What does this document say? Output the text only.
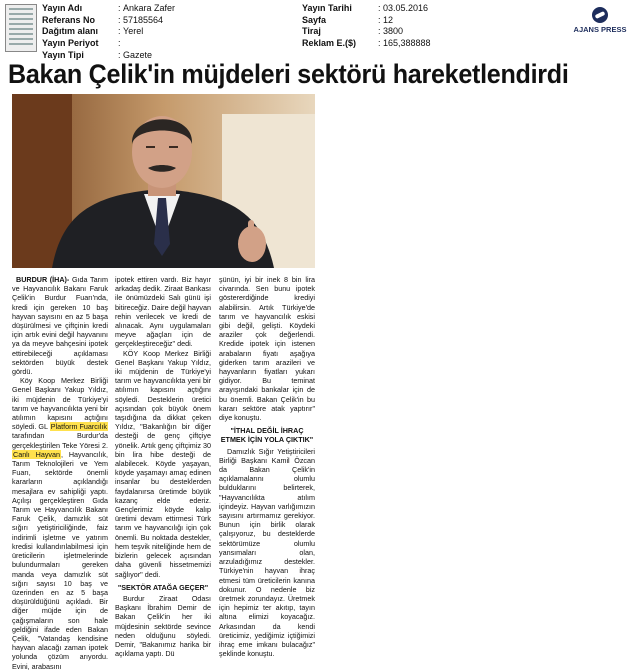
Yayın Adı	: Ankara Zafer
Referans No	: 57185564
Dağıtım alanı	: Yerel
Yayın Periyot	:
Yayın Tipi	: Gazete
Yayın Tarihi	: 03.05.2016
Sayfa	: 12
Tiraj	: 3800
Reklam E.($)	: 165,388888
AJANS PRESS
Bakan Çelik'in müjdeleri sektörü hareketlendirdi

BURDUR (İHA)- Gıda Tarım ve Hayvancılık Bakanı Faruk Çelik'in Burdur Fuarı'nda, kredi için gereken 10 baş hayvan sayısını en az 5 başa düşürülmesi ve çiftçinin kredi için artık evini değil hayvanını ya da meyve bahçesini ipotek ettirebileceği açıklaması sektörden büyük destek gördü.

Köy Koop Merkez Birliği Genel Başkanı Yakup Yıldız, iki müjdenin de Türkiye'yi tarım ve hayvancılıkta yeni bir atılımın kapısını açtığını söyledi. GL Platform Fuarcılık tarafından Burdur'da gerçekleştirilen Teke Yöresi 2. Canlı Hayvan, Hayvancılık, Tarım Teknolojileri ve Yem Fuarı, sektörde önemli kararların açıklandığı mesajlara ev sahipliği yaptı. Açılışı gerçekleştiren Gıda Tarım ve Hayvancılık Bakanı Faruk Çelik, damızlık süt sığırı yetiştiriciliğinde, faiz indirimli işletme ve yatırım kredisi kullandırılabilmesi için üreticilerin işletmelerinde bulundurmaları gereken manda veya damızlık süt sığırı sayısı 10 baş ve üzerinden en az 5 başa düşürüldüğünü açıkladı. Bir diğer müjde için de çağışmaların son hale geldiğini ifade eden Bakan Çelik, "Vatandaş kendisine hayvan alacağı zaman ipotek yolunda çözüm arıyordu. Evini, arabasını

ipotek ettiren vardı. Biz hayır arkadaş dedik. Ziraat Bankası ile önümüzdeki Salı günü işi bitireceğiz. Daire değil hayvan rehin verilecek ve kredi de alınacak. Aynı uygulamaları meyve ağaçları için de gerçekleştireceğiz" dedi.

KÖY Koop Merkez Birliği Genel Başkanı Yakup Yıldız, iki müjdenin de Türkiye'yi tarım ve hayvancılıkta yeni bir atılımın kapısını açtığını söyledi. Desteklerin üretici açısından çok büyük önem taşıdığına da dikkat çeken Yıldız, "Bakanlığın bir diğer desteği de genç çiftçiye yönelik. Artık genç çiftçimiz 30 bin lira hibe desteği de alabilecek. Köyde yaşayan, köyde yaşamayı amaç edinen insanlar bu desteklerden faydalanırsa üretimde büyük kazanç elde ederiz. Gençlerimiz köyde kalıp üretimi devam ettirmesi Türk tarım ve hayvancılığı için çok önemli. Bu noktada destekler, hem teşvik niteliğinde hem de bizlerin gelecek açısından daha güvenli hissetmemizi sağlıyor" dedi.

"SEKTÖR ATAĞA GEÇER"

Burdur Ziraat Odası Başkanı İbrahim Demir de Bakan Çelik'in her iki müjdesinin sektörde sevince neden olduğunu söyledi. Demir, "Bakanımız harika bir açıklama yaptı. Dü

şünün, iyi bir inek 8 bin lira civarında. Sen bunu ipotek göstererdiğinde krediyi alabilirsin. Artık Türkiye'de tarım ve hayvancılık eskisi gibi değil, gelişti. Köydeki araziler çok değerlendi. Kredide ipotek için istenen arabaların fiyatı aşağıya giderken tarım arazileri ve hayvanların fiyatları yukarı gidiyor. Bu teminat arayışındaki bankalar için de bu önemli. Bakan Çelik'in bu kararı sektöre atak yaptırır" diye konuştu.

"İTHAL DEĞİL İHRAÇ ETMEK İÇİN YOLA ÇIKTIK"

Damızlık Sığır Yetiştiricileri Birliği Başkanı Kamil Özcan da Bakan Çelik'in açıklamalarını olumlu bulduklarını belirterek, "Hayvancılıkta atılım içindeyiz. Hayvan varlığımızın sayısını artırmamız gerekiyor. Bunun için birlik olarak çalışıyoruz, bu desteklerde sektörümüze olumlu yansımaları olan, arzuladığımız destekler. Türkiye'nin hayvan ihraç etmesi tüm üreticilerin kanına dokunur. O nedenle biz üretmek zorundayız. Üretmek için hepimiz ter akıtıp, tayın altına elimizi koyacağız. Arkasından da kendi üreticimiz, yediğimiz içtiğimizi ihraç eme imkanı bulacağız" şeklinde konuştu.
